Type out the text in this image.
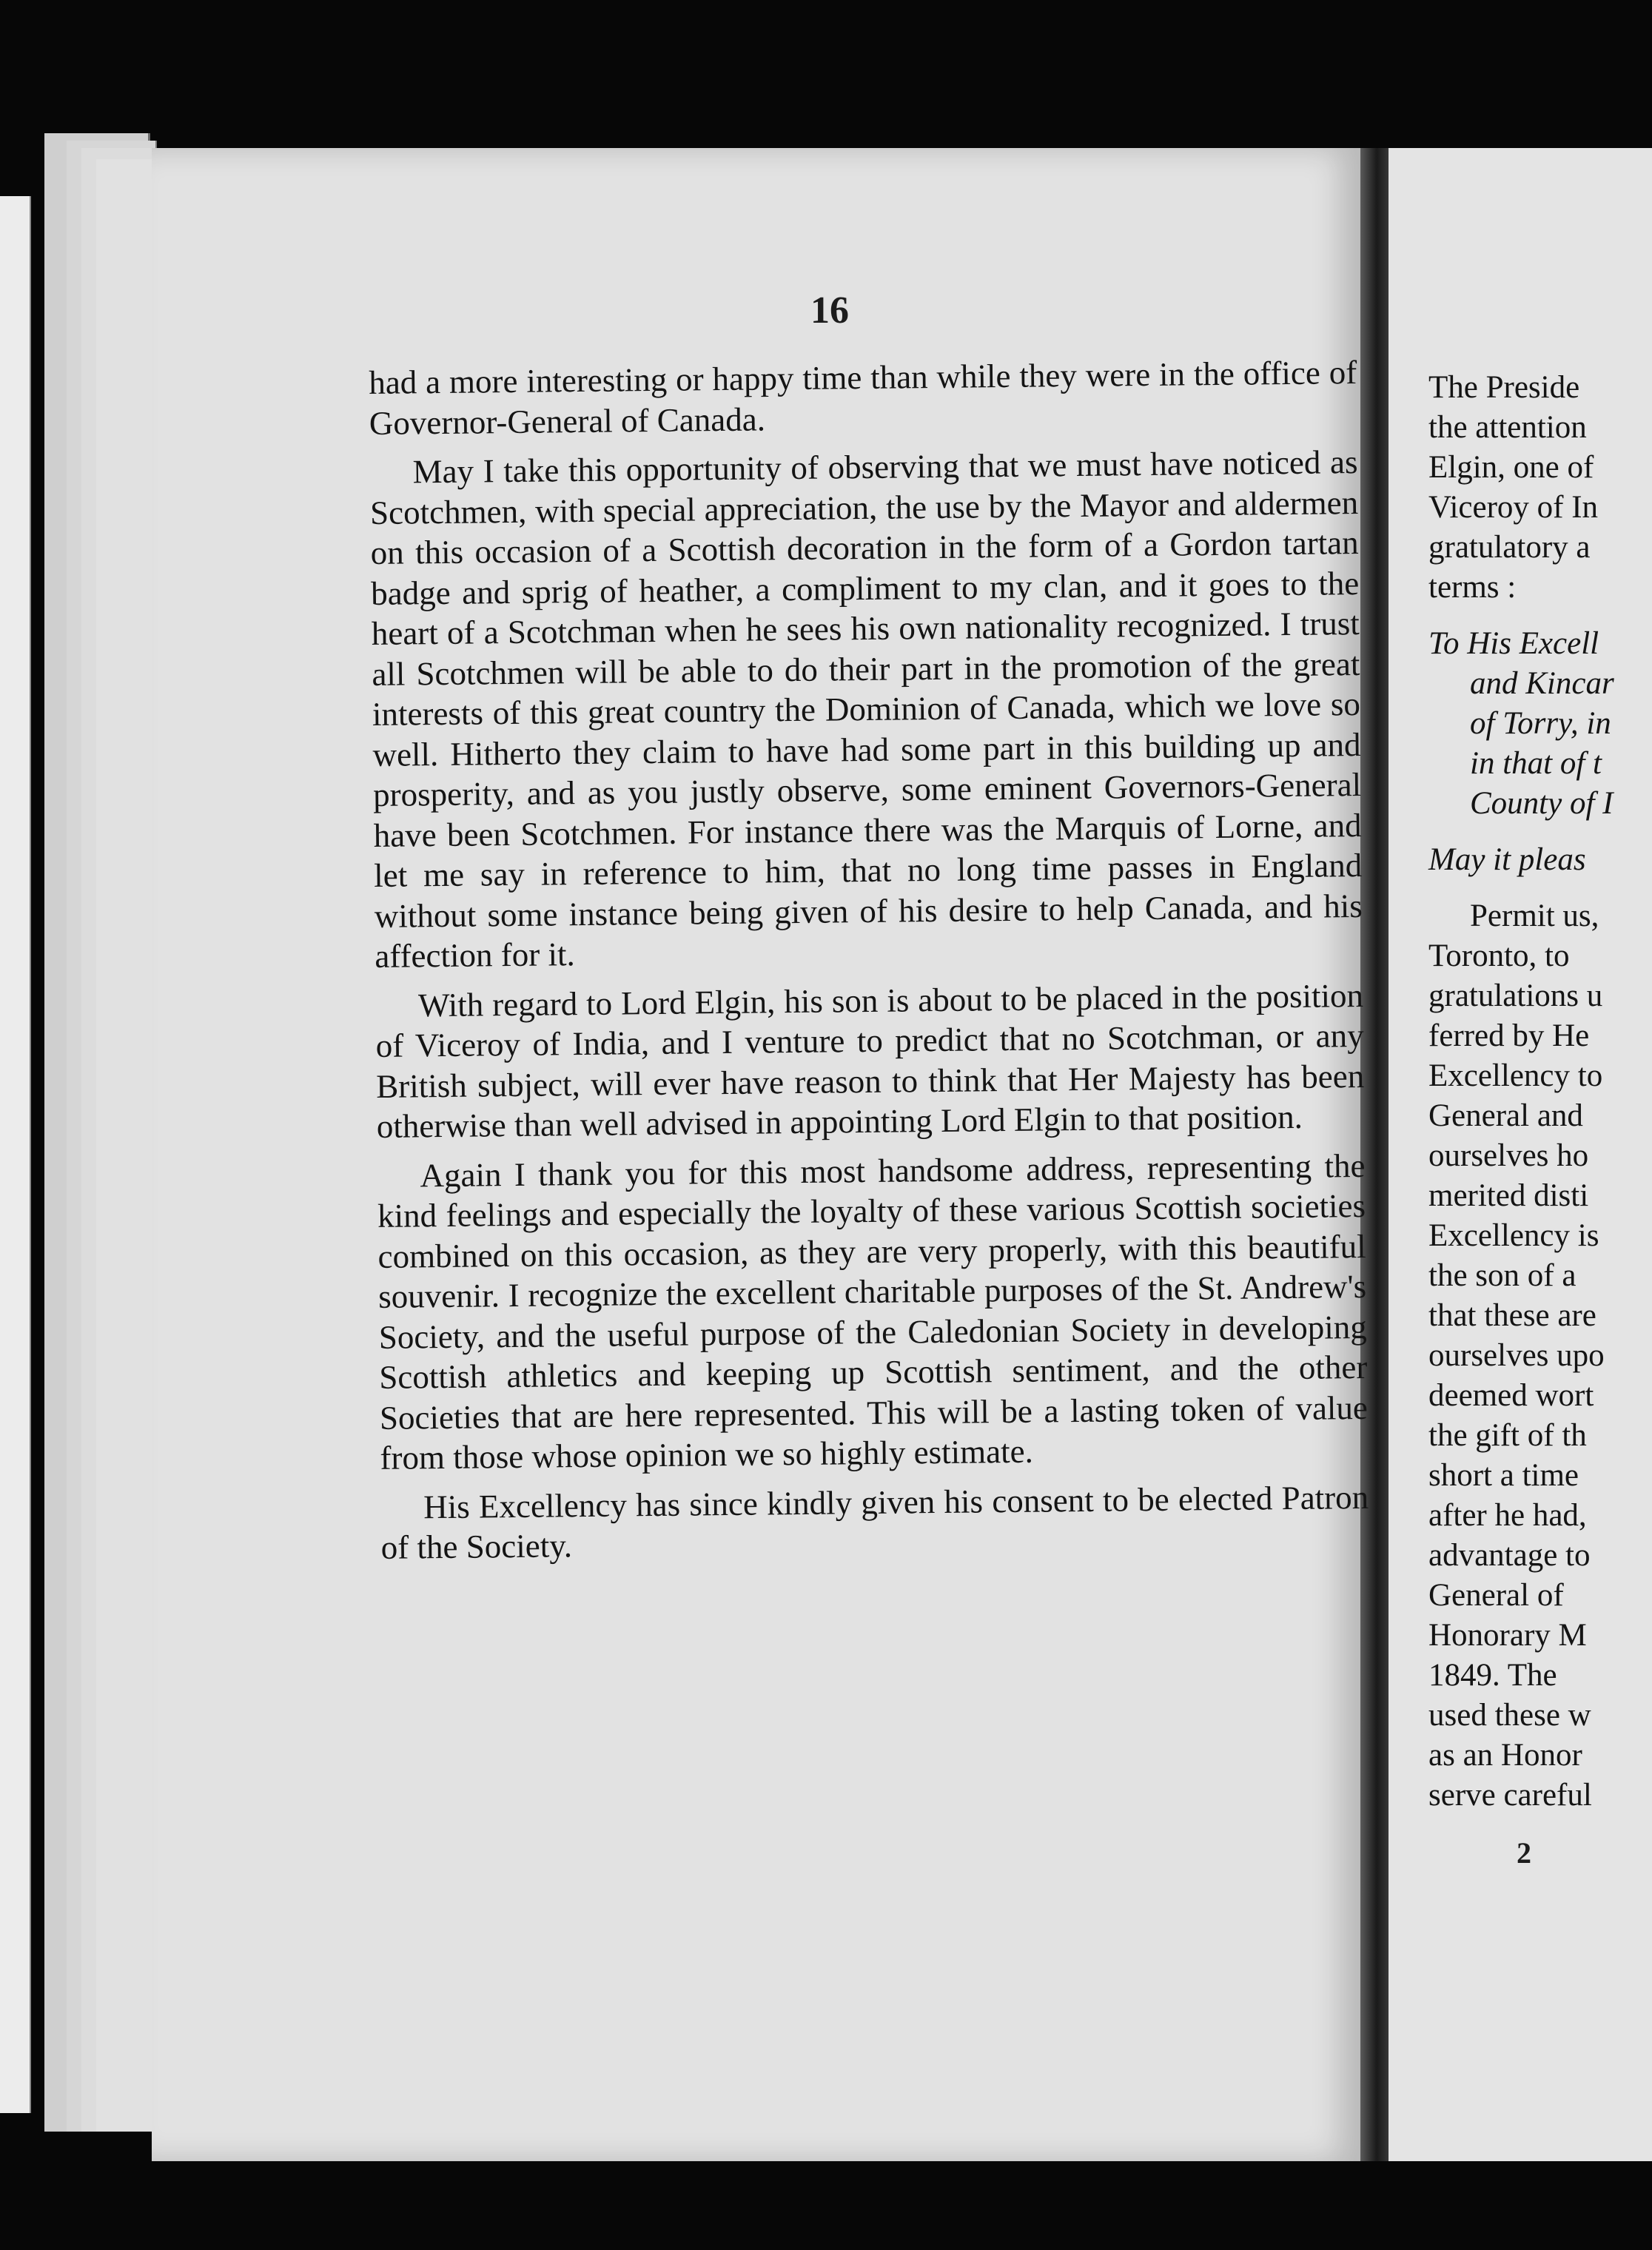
The Preside
the attention
Elgin, one of
Viceroy of In
gratulatory a
terms :
To His Excell
and Kincar
of Torry, in
in that of t
County of I
May it pleas
Permit us,
Toronto, to
gratulations u
ferred by He
Excellency to
General and
ourselves ho
merited disti
Excellency is
the son of a
that these are
ourselves upo
deemed wort
the gift of th
short a time
after he had,
advantage to
General of
Honorary M
1849. The
used these w
as an Honor
serve careful
2
16

had a more interesting or happy time than while they were in the office of Governor-General of Canada.

May I take this opportunity of observing that we must have noticed as Scotchmen, with special appreciation, the use by the Mayor and aldermen on this occasion of a Scottish decoration in the form of a Gordon tartan badge and sprig of heather, a compliment to my clan, and it goes to the heart of a Scotchman when he sees his own nationality recognized. I trust all Scotchmen will be able to do their part in the promotion of the great interests of this great country the Dominion of Canada, which we love so well. Hitherto they claim to have had some part in this building up and prosperity, and as you justly observe, some eminent Governors-General have been Scotchmen. For instance there was the Marquis of Lorne, and let me say in reference to him, that no long time passes in England without some instance being given of his desire to help Canada, and his affection for it.

With regard to Lord Elgin, his son is about to be placed in the position of Viceroy of India, and I venture to predict that no Scotchman, or any British subject, will ever have reason to think that Her Majesty has been otherwise than well advised in appointing Lord Elgin to that position.

Again I thank you for this most handsome address, representing the kind feelings and especially the loyalty of these various Scottish societies combined on this occasion, as they are very properly, with this beautiful souvenir. I recognize the excellent charitable purposes of the St. Andrew's Society, and the useful purpose of the Caledonian Society in developing Scottish athletics and keeping up Scottish sentiment, and the other Societies that are here represented. This will be a lasting token of value from those whose opinion we so highly estimate.

His Excellency has since kindly given his consent to be elected Patron of the Society.
